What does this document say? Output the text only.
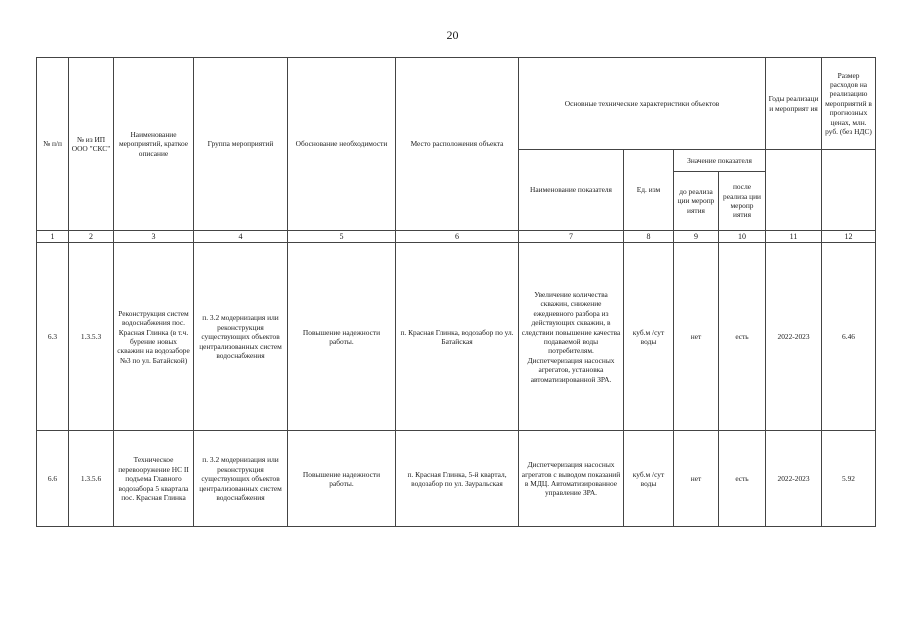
20
№ п/п	№ из ИП ООО "СКС"	Наименование мероприятий, краткое описание	Группа мероприятий	Обоснование необходимости	Место расположения объекта	Основные технические характеристики объектов				Годы реализаци и мероприят ия	Размер расходов на реализацию мероприятий в прогнозных ценах, млн. руб. (без НДС)
						Наименование показателя	Ед. изм	Значение показателя			
								до реализа ции меропр иятия	после реализа ции меропр иятия		
1	2	3	4	5	6	7	8	9	10	11	12
6.3	1.3.5.3	Реконструкция систем водоснабжения пос. Красная Глинка (в т.ч. бурение новых скважин на водозаборе №3 по ул. Батайской)	п. 3.2 модернизация или реконструкция существующих объектов централизованных систем водоснабжения	Повышение надежности работы.	п. Красная Глинка, водозабор по ул. Батайская	Увеличение количества скважин, снижение ежедневного разбора из действующих скважин, в следствии повышение качества подаваемой воды потребителям. Диспетчеризация насосных агрегатов, установка автоматизированной ЗРА.	куб.м /сут воды	нет	есть	2022-2023	6.46
6.6	1.3.5.6	Техническое перевооружение НС II подъема Главного водозабора 5 квартала пос. Красная Глинка	п. 3.2 модернизация или реконструкция существующих объектов централизованных систем водоснабжения	Повышение надежности работы.	п. Красная Глинка, 5-й квартал, водозабор по ул. Зауральская	Диспетчеризация насосных агрегатов с выводом показаний в МДЦ. Автоматизированное управление ЗРА.	куб.м /сут воды	нет	есть	2022-2023	5.92
